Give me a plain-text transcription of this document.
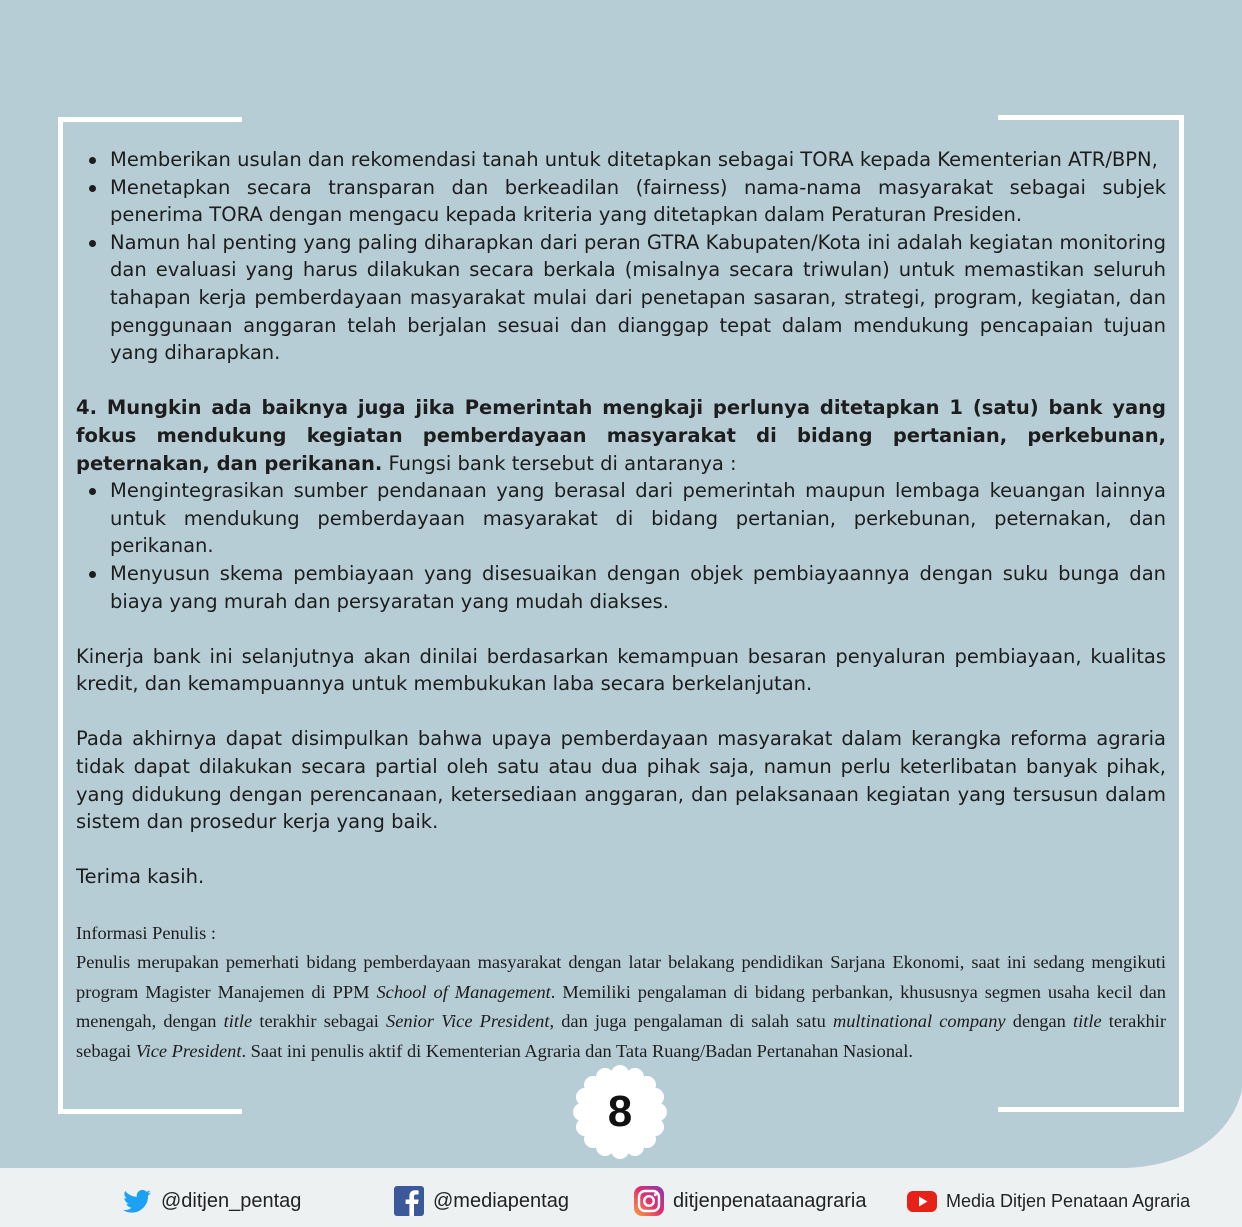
Memberikan usulan dan rekomendasi tanah untuk ditetapkan sebagai TORA kepada Kementerian ATR/BPN,
Menetapkan secara transparan dan berkeadilan (fairness) nama-nama masyarakat sebagai subjek penerima TORA dengan mengacu kepada kriteria yang ditetapkan dalam Peraturan Presiden.
Namun hal penting yang paling diharapkan dari peran GTRA Kabupaten/Kota ini adalah kegiatan monitoring dan evaluasi yang harus dilakukan secara berkala (misalnya secara triwulan) untuk memastikan seluruh tahapan kerja pemberdayaan masyarakat mulai dari penetapan sasaran, strategi, program, kegiatan, dan penggunaan anggaran telah berjalan sesuai dan dianggap tepat dalam mendukung pencapaian tujuan yang diharapkan.

4. Mungkin ada baiknya juga jika Pemerintah mengkaji perlunya ditetapkan 1 (satu) bank yang fokus mendukung kegiatan pemberdayaan masyarakat di bidang pertanian, perkebunan, peternakan, dan perikanan. Fungsi bank tersebut di antaranya :

Mengintegrasikan sumber pendanaan yang berasal dari pemerintah maupun lembaga keuangan lainnya untuk mendukung pemberdayaan masyarakat di bidang pertanian, perkebunan, peternakan, dan perikanan.
Menyusun skema pembiayaan yang disesuaikan dengan objek pembiayaannya dengan suku bunga dan biaya yang murah dan persyaratan yang mudah diakses.

Kinerja bank ini selanjutnya akan dinilai berdasarkan kemampuan besaran penyaluran pembiayaan, kualitas kredit, dan kemampuannya untuk membukukan laba secara berkelanjutan.

Pada akhirnya dapat disimpulkan bahwa upaya pemberdayaan masyarakat dalam kerangka reforma agraria tidak dapat dilakukan secara partial oleh satu atau dua pihak saja, namun perlu keterlibatan banyak pihak, yang didukung dengan perencanaan, ketersediaan anggaran, dan pelaksanaan kegiatan yang tersusun dalam sistem dan prosedur kerja yang baik.

Terima kasih.

Informasi Penulis :

Penulis merupakan pemerhati bidang pemberdayaan masyarakat dengan latar belakang pendidikan Sarjana Ekonomi, saat ini sedang mengikuti program Magister Manajemen di PPM School of Management. Memiliki pengalaman di bidang perbankan, khususnya segmen usaha kecil dan menengah, dengan title terakhir sebagai Senior Vice President, dan juga pengalaman di salah satu multinational company dengan title terakhir sebagai Vice President. Saat ini penulis aktif di Kementerian Agraria dan Tata Ruang/Badan Pertanahan Nasional.

8
@ditjen_pentag	@mediapentag	ditjenpenataanagraria	Media Ditjen Penataan Agraria
